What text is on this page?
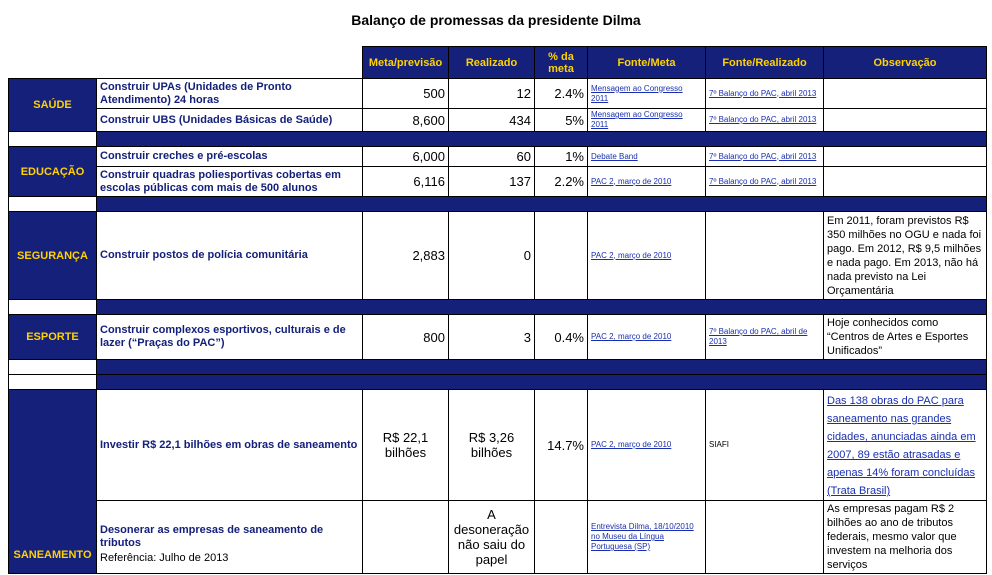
Balanço de promessas da presidente Dilma
		Meta/previsão	Realizado	% da meta	Fonte/Meta	Fonte/Realizado	Observação
SAÚDE	Construir UPAs (Unidades de Pronto Atendimento) 24 horas	500	12	2.4%	Mensagem ao Congresso 2011	7º Balanço do PAC, abril 2013	
	Construir UBS (Unidades Básicas de Saúde)	8,600	434	5%	Mensagem ao Congresso 2011	7º Balanço do PAC, abril 2013	

EDUCAÇÃO	Construir creches e pré-escolas	6,000	60	1%	Debate Band	7º Balanço do PAC, abril 2013	
	Construir quadras poliesportivas cobertas em escolas públicas com mais de 500 alunos	6,116	137	2.2%	PAC 2, março de 2010	7º Balanço do PAC, abril 2013	

SEGURANÇA	Construir postos de polícia comunitária	2,883	0		PAC 2, março de 2010		Em 2011, foram previstos R$ 350 milhões no OGU e nada foi pago. Em 2012, R$ 9,5 milhões e nada pago. Em 2013, não há nada previsto na Lei Orçamentária

ESPORTE	Construir complexos esportivos, culturais e de lazer (“Praças do PAC”)	800	3	0.4%	PAC 2, março de 2010	7º Balanço do PAC, abril de 2013	Hoje conhecidos como “Centros de Artes e Esportes Unificados”

SANEAMENTO	Investir R$ 22,1 bilhões em obras de saneamento	R$ 22,1 bilhões	R$ 3,26 bilhões	14.7%	PAC 2, março de 2010	SIAFI	Das 138 obras do PAC para saneamento nas grandes cidades, anunciadas ainda em 2007, 89 estão atrasadas e apenas 14% foram concluídas (Trata Brasil)
	Desonerar as empresas de saneamento de tributos		A desoneração não saiu do papel		Entrevista Dilma, 18/10/2010 no Museu da Língua Portuguesa (SP)		As empresas pagam R$ 2 bilhões ao ano de tributos federais, mesmo valor que investem na melhoria dos serviços
Referência: Julho de 2013
